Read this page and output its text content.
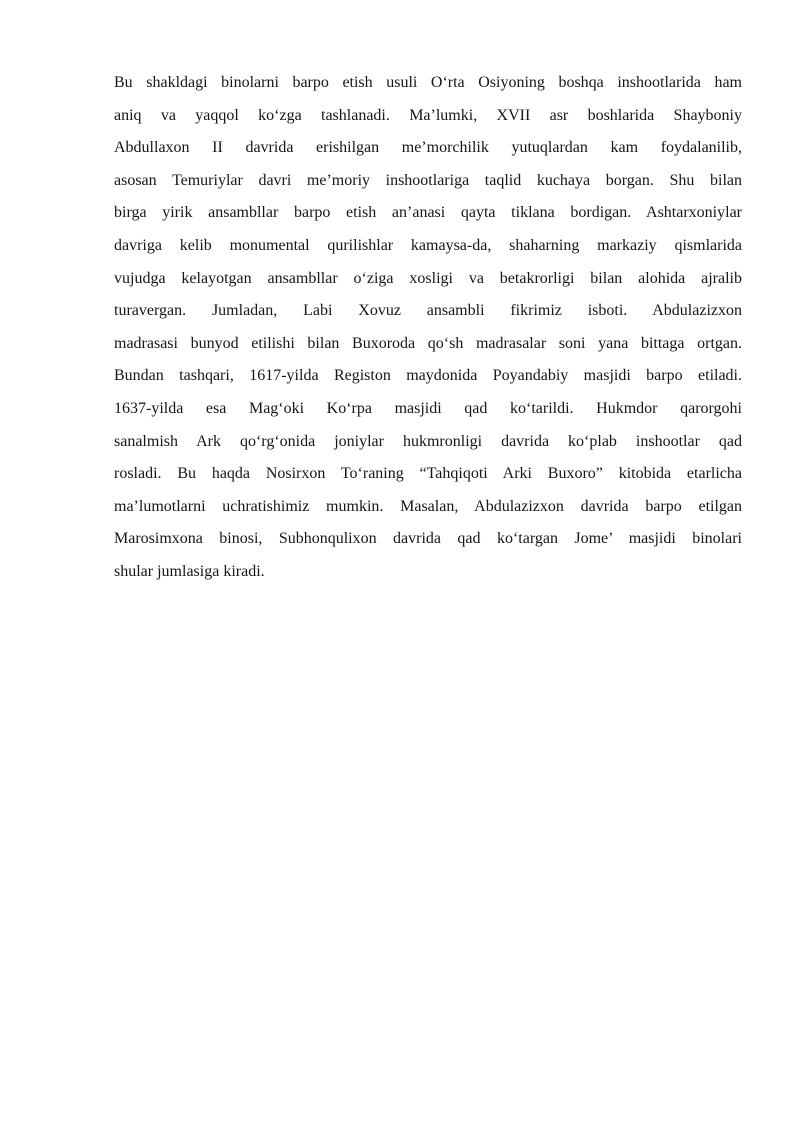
Bu shakldagi binolarni barpo etish usuli Oʻrta Osiyoning boshqa inshootlarida ham
aniq va yaqqol koʻzga tashlanadi. Ma’lumki, XVII asr boshlarida Shayboniy
Abdullaxon II davrida erishilgan me’morchilik yutuqlardan kam foydalanilib,
asosan Temuriylar davri me’moriy inshootlariga taqlid kuchaya borgan. Shu bilan
birga yirik ansambllar barpo etish an’anasi qayta tiklana bordigan. Ashtarxoniylar
davriga kelib monumental qurilishlar kamaysa-da, shaharning markaziy qismlarida
vujudga kelayotgan ansambllar oʻziga xosligi va betakrorligi bilan alohida ajralib
turavergan. Jumladan, Labi Xovuz ansambli fikrimiz isboti. Abdulazizxon
madrasasi bunyod etilishi bilan Buxoroda qoʻsh madrasalar soni yana bittaga ortgan.
Bundan tashqari, 1617-yilda Registon maydonida Poyandabiy masjidi barpo etiladi.
1637-yilda esa Magʻoki Koʻrpa masjidi qad koʻtarildi. Hukmdor qarorgohi
sanalmish Ark qoʻrgʻonida joniylar hukmronligi davrida koʻplab inshootlar qad
rosladi. Bu haqda Nosirxon Toʻraning “Tahqiqoti Arki Buxoro” kitobida etarlicha
ma’lumotlarni uchratishimiz mumkin. Masalan, Abdulazizxon davrida barpo etilgan
Marosimxona binosi, Subhonqulixon davrida qad koʻtargan Jome’ masjidi binolari
shular jumlasiga kiradi.
